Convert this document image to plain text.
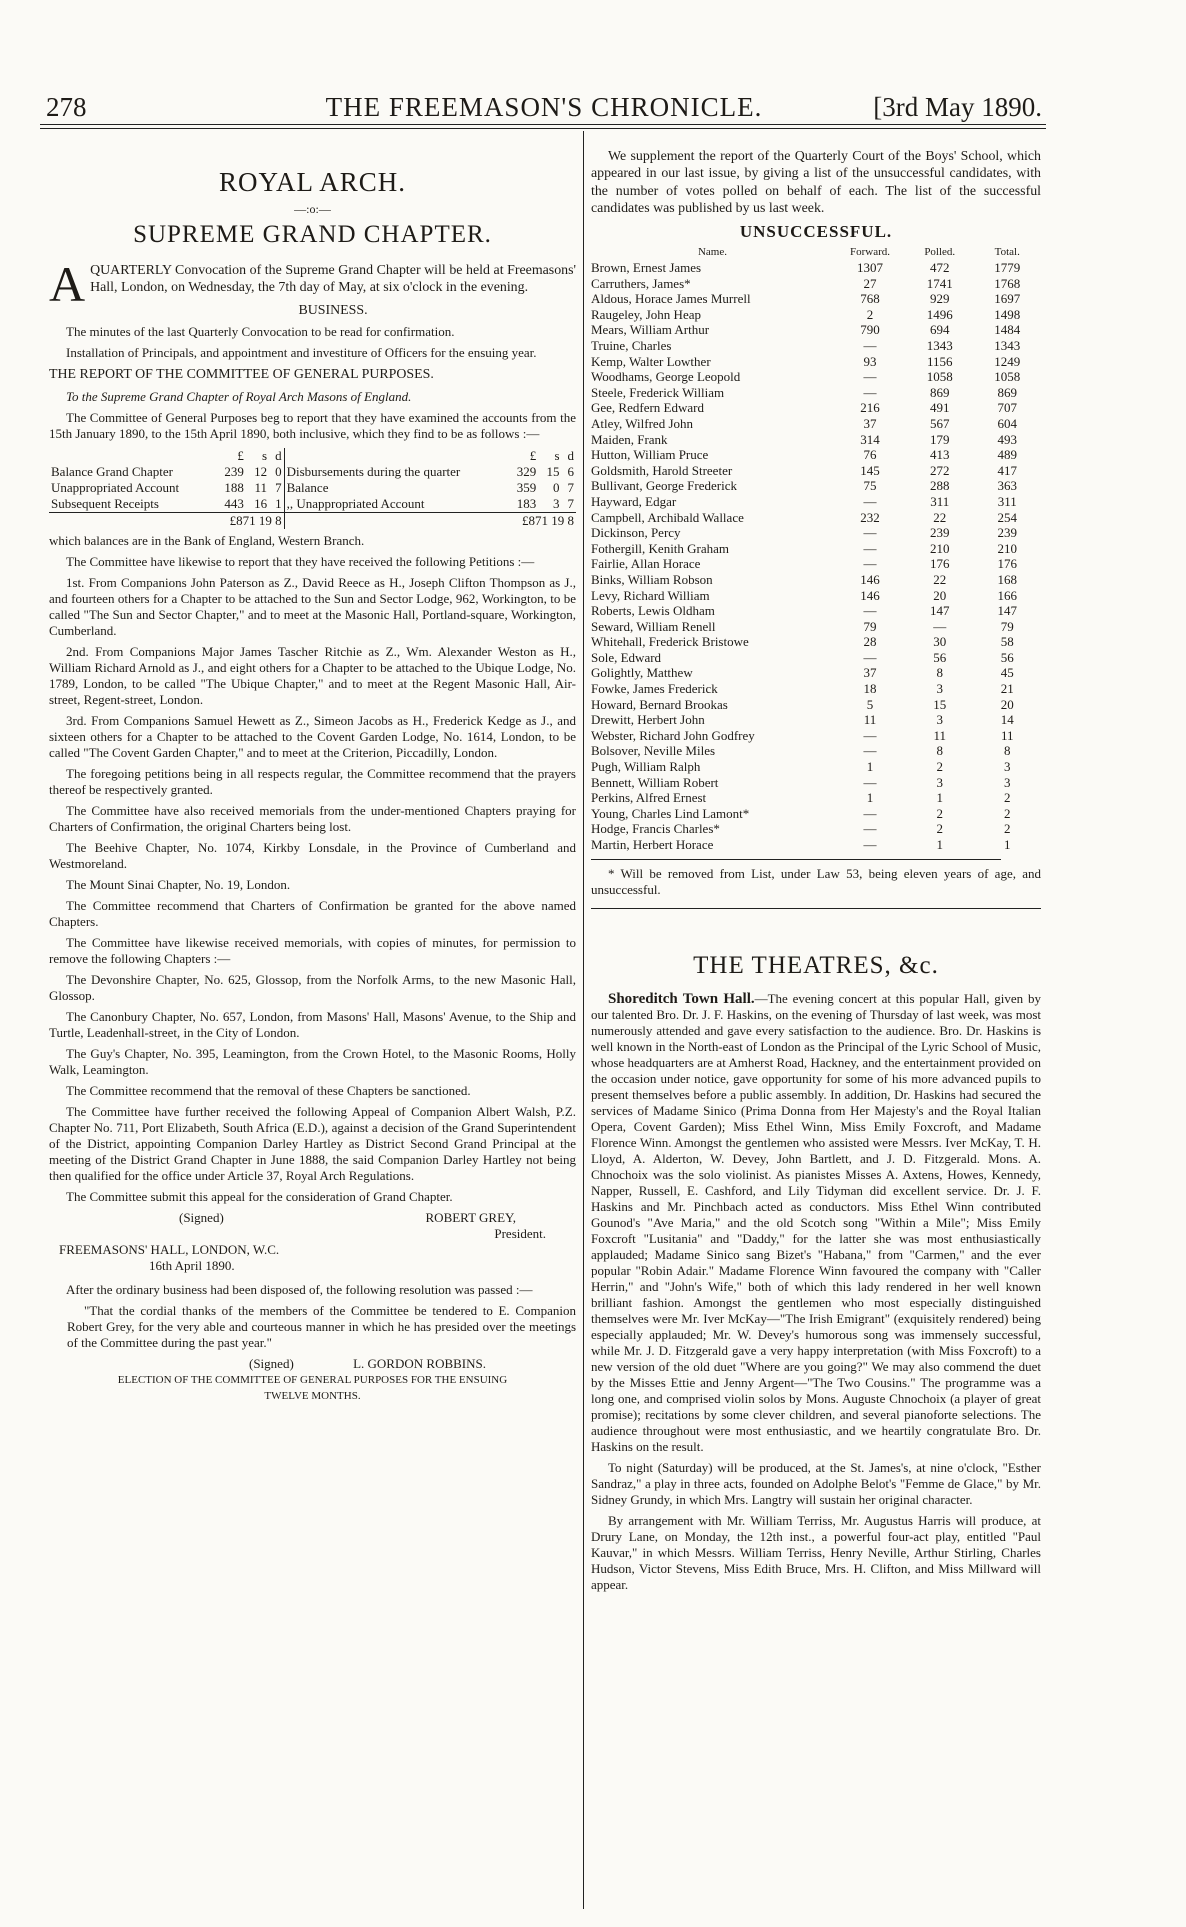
278	THE FREEMASON'S CHRONICLE.	[3rd May 1890.
ROYAL ARCH.
—:o:—
SUPREME GRAND CHAPTER.

AQUARTERLY Convocation of the Supreme Grand Chapter will be held at Freemasons' Hall, London, on Wednesday, the 7th day of May, at six o'clock in the evening.

BUSINESS.

The minutes of the last Quarterly Convocation to be read for confirmation.

Installation of Principals, and appointment and investiture of Officers for the ensuing year.

THE REPORT OF THE COMMITTEE OF GENERAL PURPOSES.

To the Supreme Grand Chapter of Royal Arch Masons of England.

The Committee of General Purposes beg to report that they have examined the accounts from the 15th January 1890, to the 15th April 1890, both inclusive, which they find to be as follows :—

	£	s	d		£	s	d
Balance Grand Chapter	239	12	0	Disbursements during the quarter	329	15	6
Unappropriated Account	188	11	7	Balance	359	0	7
Subsequent Receipts	443	16	1	,, Unappropriated Account	183	3	7
	£871 19 8				£871 19 8		

which balances are in the Bank of England, Western Branch.

The Committee have likewise to report that they have received the following Petitions :—

1st. From Companions John Paterson as Z., David Reece as H., Joseph Clifton Thompson as J., and fourteen others for a Chapter to be attached to the Sun and Sector Lodge, 962, Workington, to be called "The Sun and Sector Chapter," and to meet at the Masonic Hall, Portland-square, Workington, Cumberland.

2nd. From Companions Major James Tascher Ritchie as Z., Wm. Alexander Weston as H., William Richard Arnold as J., and eight others for a Chapter to be attached to the Ubique Lodge, No. 1789, London, to be called "The Ubique Chapter," and to meet at the Regent Masonic Hall, Air-street, Regent-street, London.

3rd. From Companions Samuel Hewett as Z., Simeon Jacobs as H., Frederick Kedge as J., and sixteen others for a Chapter to be attached to the Covent Garden Lodge, No. 1614, London, to be called "The Covent Garden Chapter," and to meet at the Criterion, Piccadilly, London.

The foregoing petitions being in all respects regular, the Committee recommend that the prayers thereof be respectively granted.

The Committee have also received memorials from the under-mentioned Chapters praying for Charters of Confirmation, the original Charters being lost.

The Beehive Chapter, No. 1074, Kirkby Lonsdale, in the Province of Cumberland and Westmoreland.

The Mount Sinai Chapter, No. 19, London.

The Committee recommend that Charters of Confirmation be granted for the above named Chapters.

The Committee have likewise received memorials, with copies of minutes, for permission to remove the following Chapters :—

The Devonshire Chapter, No. 625, Glossop, from the Norfolk Arms, to the new Masonic Hall, Glossop.

The Canonbury Chapter, No. 657, London, from Masons' Hall, Masons' Avenue, to the Ship and Turtle, Leadenhall-street, in the City of London.

The Guy's Chapter, No. 395, Leamington, from the Crown Hotel, to the Masonic Rooms, Holly Walk, Leamington.

The Committee recommend that the removal of these Chapters be sanctioned.

The Committee have further received the following Appeal of Companion Albert Walsh, P.Z. Chapter No. 711, Port Elizabeth, South Africa (E.D.), against a decision of the Grand Superintendent of the District, appointing Companion Darley Hartley as District Second Grand Principal at the meeting of the District Grand Chapter in June 1888, the said Companion Darley Hartley not being then qualified for the office under Article 37, Royal Arch Regulations.

The Committee submit this appeal for the consideration of Grand Chapter.

(Signed)	ROBERT GREY,
President.
FREEMASONS' HALL, LONDON, W.C.
16th April 1890.

After the ordinary business had been disposed of, the following resolution was passed :—

"That the cordial thanks of the members of the Committee be tendered to E. Companion Robert Grey, for the very able and courteous manner in which he has presided over the meetings of the Committee during the past year."

(Signed)	L. GORDON ROBBINS.
ELECTION OF THE COMMITTEE OF GENERAL PURPOSES FOR THE ENSUING TWELVE MONTHS.

We supplement the report of the Quarterly Court of the Boys' School, which appeared in our last issue, by giving a list of the unsuccessful candidates, with the number of votes polled on behalf of each. The list of the successful candidates was published by us last week.

UNSUCCESSFUL.
Name.	Forward.	Polled.	Total.
Brown, Ernest James	1307	472	1779
Carruthers, James*	27	1741	1768
Aldous, Horace James Murrell	768	929	1697
Raugeley, John Heap	2	1496	1498
Mears, William Arthur	790	694	1484
Truine, Charles	—	1343	1343
Kemp, Walter Lowther	93	1156	1249
Woodhams, George Leopold	—	1058	1058
Steele, Frederick William	—	869	869
Gee, Redfern Edward	216	491	707
Atley, Wilfred John	37	567	604
Maiden, Frank	314	179	493
Hutton, William Pruce	76	413	489
Goldsmith, Harold Streeter	145	272	417
Bullivant, George Frederick	75	288	363
Hayward, Edgar	—	311	311
Campbell, Archibald Wallace	232	22	254
Dickinson, Percy	—	239	239
Fothergill, Kenith Graham	—	210	210
Fairlie, Allan Horace	—	176	176
Binks, William Robson	146	22	168
Levy, Richard William	146	20	166
Roberts, Lewis Oldham	—	147	147
Seward, William Renell	79	—	79
Whitehall, Frederick Bristowe	28	30	58
Sole, Edward	—	56	56
Golightly, Matthew	37	8	45
Fowke, James Frederick	18	3	21
Howard, Bernard Brookas	5	15	20
Drewitt, Herbert John	11	3	14
Webster, Richard John Godfrey	—	11	11
Bolsover, Neville Miles	—	8	8
Pugh, William Ralph	1	2	3
Bennett, William Robert	—	3	3
Perkins, Alfred Ernest	1	1	2
Young, Charles Lind Lamont*	—	2	2
Hodge, Francis Charles*	—	2	2
Martin, Herbert Horace	—	1	1

* Will be removed from List, under Law 53, being eleven years of age, and unsuccessful.

THE THEATRES, &c.

Shoreditch Town Hall.—The evening concert at this popular Hall, given by our talented Bro. Dr. J. F. Haskins, on the evening of Thursday of last week, was most numerously attended and gave every satisfaction to the audience. Bro. Dr. Haskins is well known in the North-east of London as the Principal of the Lyric School of Music, whose headquarters are at Amherst Road, Hackney, and the entertainment provided on the occasion under notice, gave opportunity for some of his more advanced pupils to present themselves before a public assembly. In addition, Dr. Haskins had secured the services of Madame Sinico (Prima Donna from Her Majesty's and the Royal Italian Opera, Covent Garden); Miss Ethel Winn, Miss Emily Foxcroft, and Madame Florence Winn. Amongst the gentlemen who assisted were Messrs. Iver McKay, T. H. Lloyd, A. Alderton, W. Devey, John Bartlett, and J. D. Fitzgerald. Mons. A. Chnochoix was the solo violinist. As pianistes Misses A. Axtens, Howes, Kennedy, Napper, Russell, E. Cashford, and Lily Tidyman did excellent service. Dr. J. F. Haskins and Mr. Pinchbach acted as conductors. Miss Ethel Winn contributed Gounod's "Ave Maria," and the old Scotch song "Within a Mile"; Miss Emily Foxcroft "Lusitania" and "Daddy," for the latter she was most enthusiastically applauded; Madame Sinico sang Bizet's "Habana," from "Carmen," and the ever popular "Robin Adair." Madame Florence Winn favoured the company with "Caller Herrin," and "John's Wife," both of which this lady rendered in her well known brilliant fashion. Amongst the gentlemen who most especially distinguished themselves were Mr. Iver McKay—"The Irish Emigrant" (exquisitely rendered) being especially applauded; Mr. W. Devey's humorous song was immensely successful, while Mr. J. D. Fitzgerald gave a very happy interpretation (with Miss Foxcroft) to a new version of the old duet "Where are you going?" We may also commend the duet by the Misses Ettie and Jenny Argent—"The Two Cousins." The programme was a long one, and comprised violin solos by Mons. Auguste Chnochoix (a player of great promise); recitations by some clever children, and several pianoforte selections. The audience throughout were most enthusiastic, and we heartily congratulate Bro. Dr. Haskins on the result.

To night (Saturday) will be produced, at the St. James's, at nine o'clock, "Esther Sandraz," a play in three acts, founded on Adolphe Belot's "Femme de Glace," by Mr. Sidney Grundy, in which Mrs. Langtry will sustain her original character.

By arrangement with Mr. William Terriss, Mr. Augustus Harris will produce, at Drury Lane, on Monday, the 12th inst., a powerful four-act play, entitled "Paul Kauvar," in which Messrs. William Terriss, Henry Neville, Arthur Stirling, Charles Hudson, Victor Stevens, Miss Edith Bruce, Mrs. H. Clifton, and Miss Millward will appear.
